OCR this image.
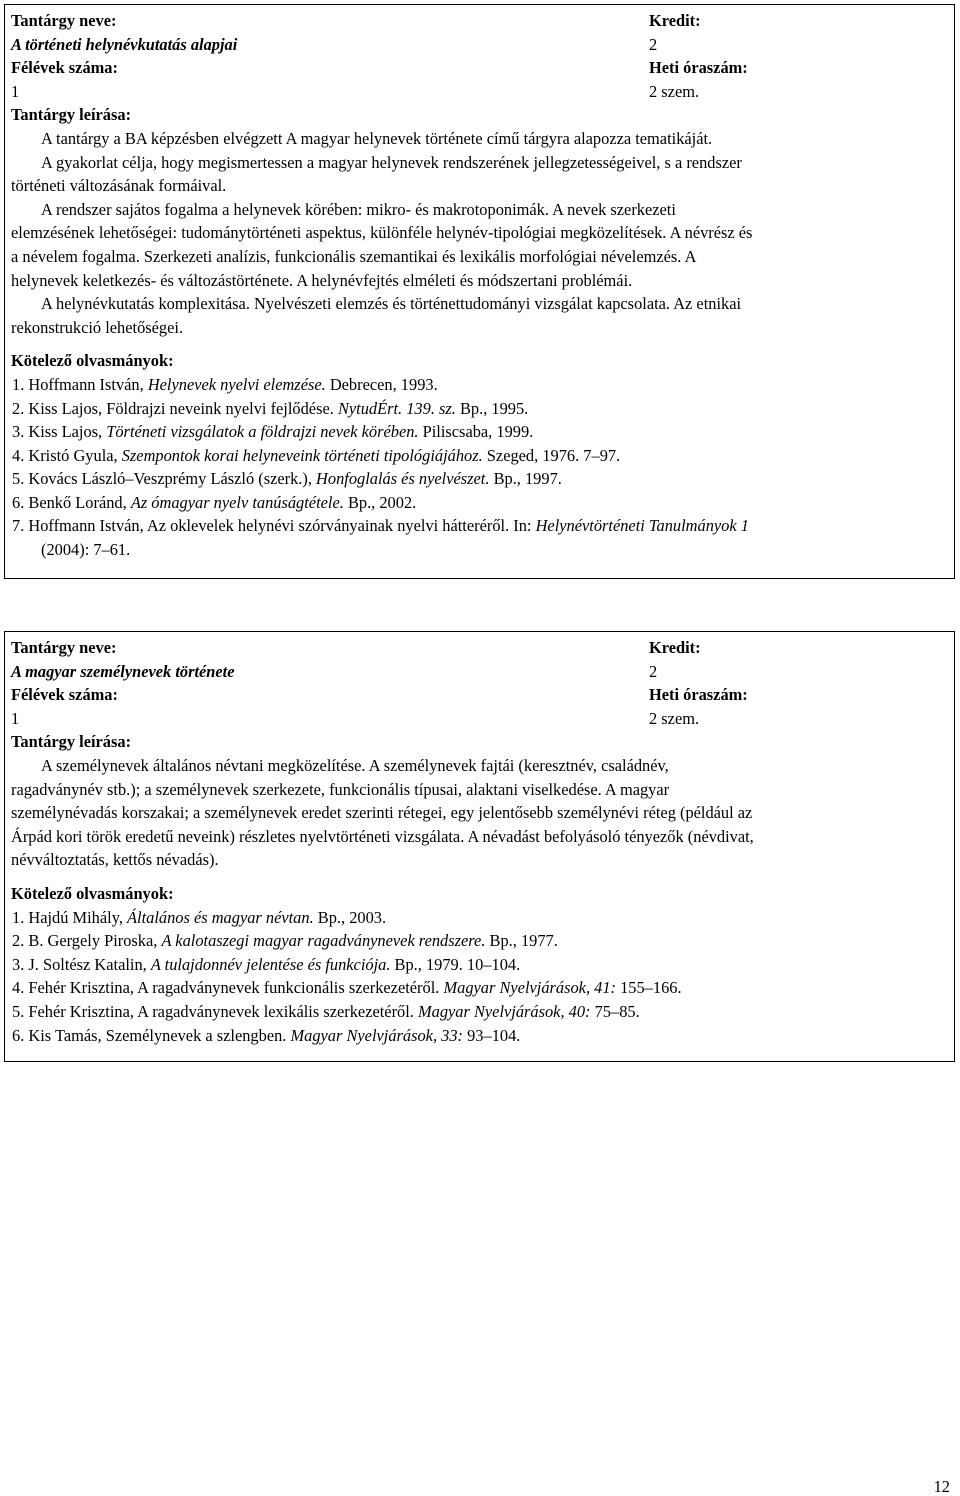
Tantárgy neve:
A történeti helynévkutatás alapjai
Félévek száma:
1
Kredit:
2
Heti óraszám:
2 szem.
Tantárgy leírása:
A tantárgy a BA képzésben elvégzett A magyar helynevek története című tárgyra alapozza tematikáját.
A gyakorlat célja, hogy megismertessen a magyar helynevek rendszerének jellegzetességeivel, s a rendszer
történeti változásának formáival.
A rendszer sajátos fogalma a helynevek körében: mikro- és makrotoponimák. A nevek szerkezeti
elemzésének lehetőségei: tudománytörténeti aspektus, különféle helynév-tipológiai megközelítések. A névrész és
a névelem fogalma. Szerkezeti analízis, funkcionális szemantikai és lexikális morfológiai névelemzés. A
helynevek keletkezés- és változástörténete. A helynévfejtés elméleti és módszertani problémái.
A helynévkutatás komplexitása. Nyelvészeti elemzés és történettudományi vizsgálat kapcsolata. Az etnikai
rekonstrukció lehetőségei.
Kötelező olvasmányok:
1. Hoffmann István, Helynevek nyelvi elemzése. Debrecen, 1993.
2. Kiss Lajos, Földrajzi neveink nyelvi fejlődése. NytudÉrt. 139. sz. Bp., 1995.
3. Kiss Lajos, Történeti vizsgálatok a földrajzi nevek körében. Piliscsaba, 1999.
4. Kristó Gyula, Szempontok korai helyneveink történeti tipológiájához. Szeged, 1976. 7–97.
5. Kovács László–Veszprémy László (szerk.), Honfoglalás és nyelvészet. Bp., 1997.
6. Benkő Loránd, Az ómagyar nyelv tanúságtétele. Bp., 2002.
7. Hoffmann István, Az oklevelek helynévi szórványainak nyelvi hátteréről. In: Helynévtörténeti Tanulmányok 1
(2004): 7–61.
Tantárgy neve:
A magyar személynevek története
Félévek száma:
1
Kredit:
2
Heti óraszám:
2 szem.
Tantárgy leírása:
A személynevek általános névtani megközelítése. A személynevek fajtái (keresztnév, családnév,
ragadványnév stb.); a személynevek szerkezete, funkcionális típusai, alaktani viselkedése. A magyar
személynévadás korszakai; a személynevek eredet szerinti rétegei, egy jelentősebb személynévi réteg (például az
Árpád kori török eredetű neveink) részletes nyelvtörténeti vizsgálata. A névadást befolyásoló tényezők (névdivat,
névváltoztatás, kettős névadás).
Kötelező olvasmányok:
1. Hajdú Mihály, Általános és magyar névtan. Bp., 2003.
2. B. Gergely Piroska, A kalotaszegi magyar ragadványnevek rendszere. Bp., 1977.
3. J. Soltész Katalin, A tulajdonnév jelentése és funkciója. Bp., 1979. 10–104.
4. Fehér Krisztina, A ragadványnevek funkcionális szerkezetéről. Magyar Nyelvjárások, 41: 155–166.
5. Fehér Krisztina, A ragadványnevek lexikális szerkezetéről. Magyar Nyelvjárások, 40: 75–85.
6. Kis Tamás, Személynevek a szlengben. Magyar Nyelvjárások, 33: 93–104.
12
